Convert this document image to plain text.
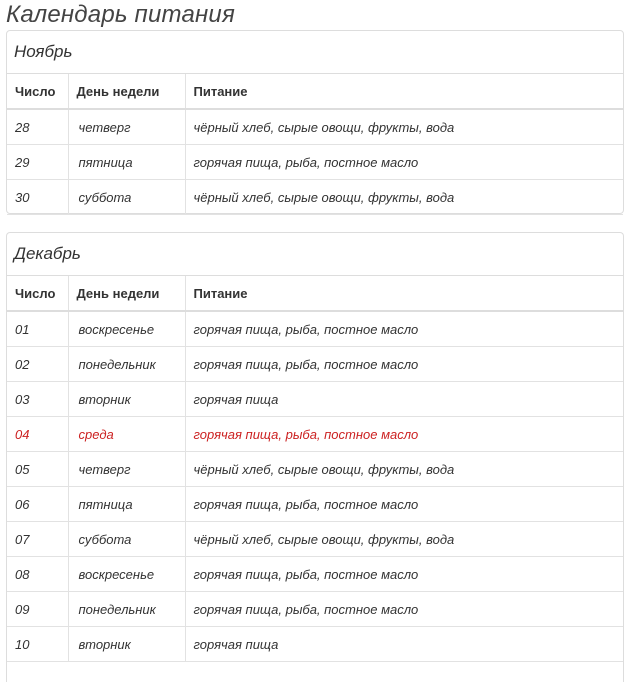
Календарь питания
Ноябрь
Число	День недели	Питание
28	четверг	чёрный хлеб, сырые овощи, фрукты, вода
29	пятница	горячая пища, рыба, постное масло
30	суббота	чёрный хлеб, сырые овощи, фрукты, вода
Декабрь
Число	День недели	Питание
01	воскресенье	горячая пища, рыба, постное масло
02	понедельник	горячая пища, рыба, постное масло
03	вторник	горячая пища
04	среда	горячая пища, рыба, постное масло
05	четверг	чёрный хлеб, сырые овощи, фрукты, вода
06	пятница	горячая пища, рыба, постное масло
07	суббота	чёрный хлеб, сырые овощи, фрукты, вода
08	воскресенье	горячая пища, рыба, постное масло
09	понедельник	горячая пища, рыба, постное масло
10	вторник	горячая пища
